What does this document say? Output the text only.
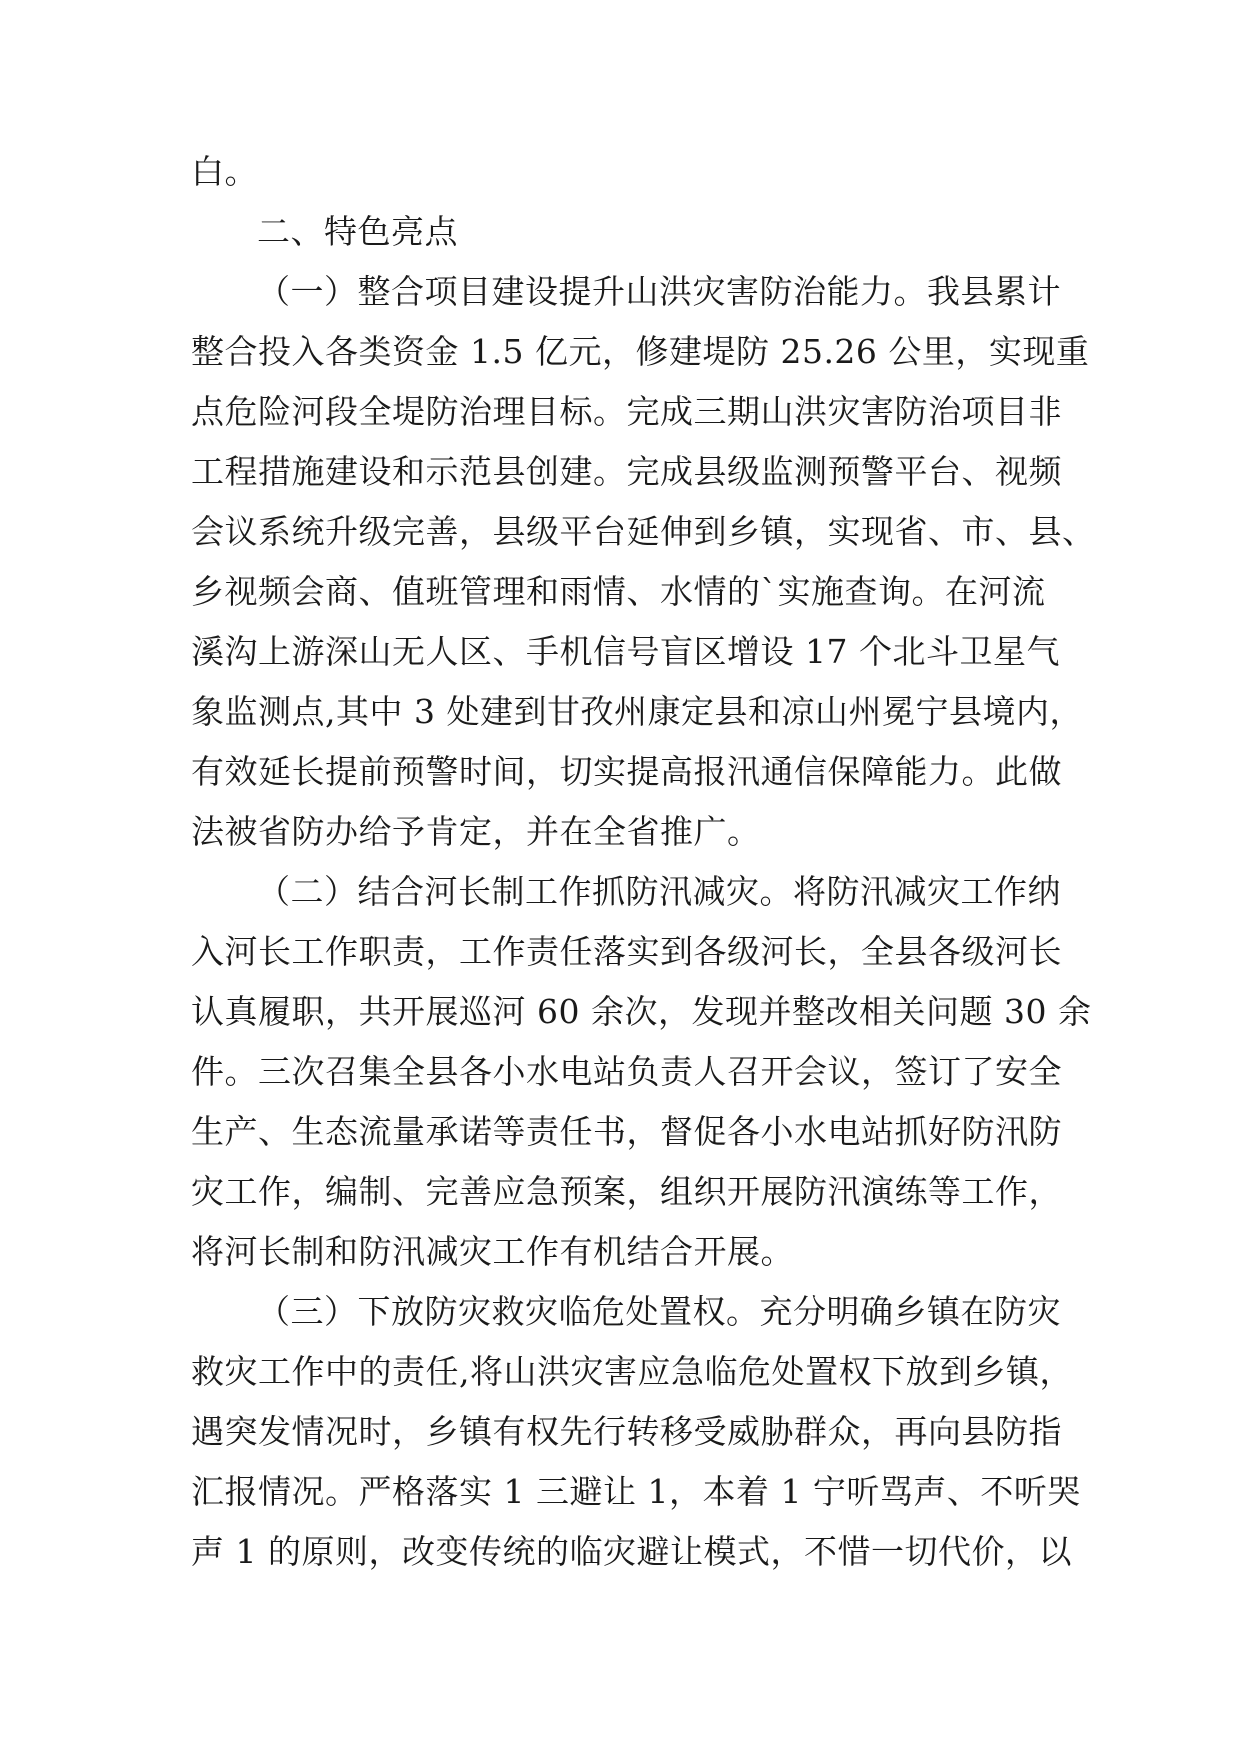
白。
二、特色亮点
（一）整合项目建设提升山洪灾害防治能力。我县累计
整合投入各类资金 1.5 亿元，修建堤防 25.26 公里，实现重
点危险河段全堤防治理目标。完成三期山洪灾害防治项目非
工程措施建设和示范县创建。完成县级监测预警平台、视频
会议系统升级完善，县级平台延伸到乡镇，实现省、市、县、
乡视频会商、值班管理和雨情、水情的`实施查询。在河流
溪沟上游深山无人区、手机信号盲区增设 17 个北斗卫星气
象监测点,其中 3 处建到甘孜州康定县和凉山州冕宁县境内，
有效延长提前预警时间，切实提高报汛通信保障能力。此做
法被省防办给予肯定，并在全省推广。
（二）结合河长制工作抓防汛减灾。将防汛减灾工作纳
入河长工作职责，工作责任落实到各级河长，全县各级河长
认真履职，共开展巡河 60 余次，发现并整改相关问题 30 余
件。三次召集全县各小水电站负责人召开会议，签订了安全
生产、生态流量承诺等责任书，督促各小水电站抓好防汛防
灾工作，编制、完善应急预案，组织开展防汛演练等工作，
将河长制和防汛减灾工作有机结合开展。
（三）下放防灾救灾临危处置权。充分明确乡镇在防灾
救灾工作中的责任,将山洪灾害应急临危处置权下放到乡镇，
遇突发情况时，乡镇有权先行转移受威胁群众，再向县防指
汇报情况。严格落实 1 三避让 1，本着 1 宁听骂声、不听哭
声 1 的原则，改变传统的临灾避让模式，不惜一切代价，以
